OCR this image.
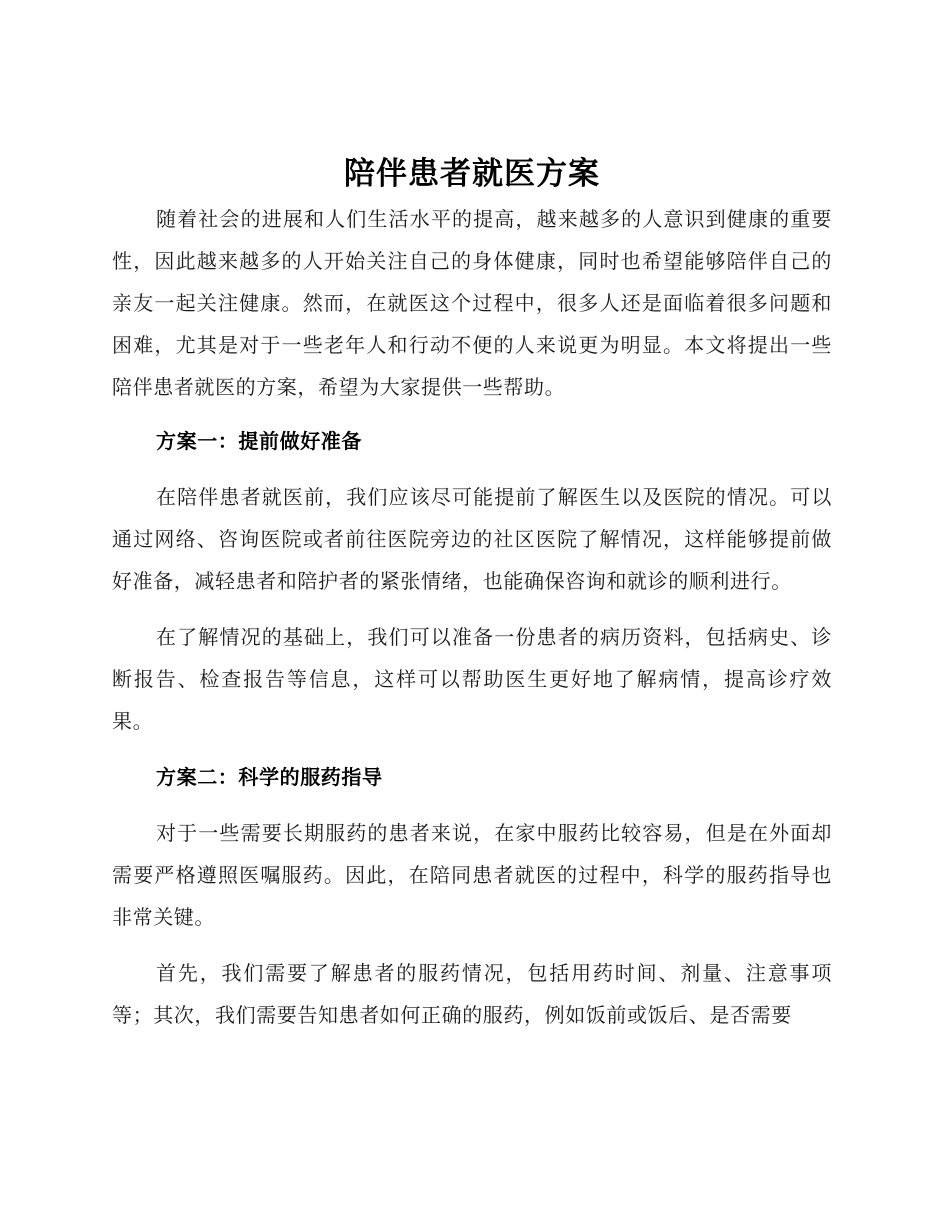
陪伴患者就医方案

随着社会的进展和人们生活水平的提高，越来越多的人意识到健康的重要性，因此越来越多的人开始关注自己的身体健康，同时也希望能够陪伴自己的亲友一起关注健康。然而，在就医这个过程中，很多人还是面临着很多问题和困难，尤其是对于一些老年人和行动不便的人来说更为明显。本文将提出一些陪伴患者就医的方案，希望为大家提供一些帮助。

方案一：提前做好准备

在陪伴患者就医前，我们应该尽可能提前了解医生以及医院的情况。可以通过网络、咨询医院或者前往医院旁边的社区医院了解情况，这样能够提前做好准备，减轻患者和陪护者的紧张情绪，也能确保咨询和就诊的顺利进行。

在了解情况的基础上，我们可以准备一份患者的病历资料，包括病史、诊断报告、检查报告等信息，这样可以帮助医生更好地了解病情，提高诊疗效果。

方案二：科学的服药指导

对于一些需要长期服药的患者来说，在家中服药比较容易，但是在外面却需要严格遵照医嘱服药。因此，在陪同患者就医的过程中，科学的服药指导也非常关键。

首先，我们需要了解患者的服药情况，包括用药时间、剂量、注意事项等；其次，我们需要告知患者如何正确的服药，例如饭前或饭后、是否需要
